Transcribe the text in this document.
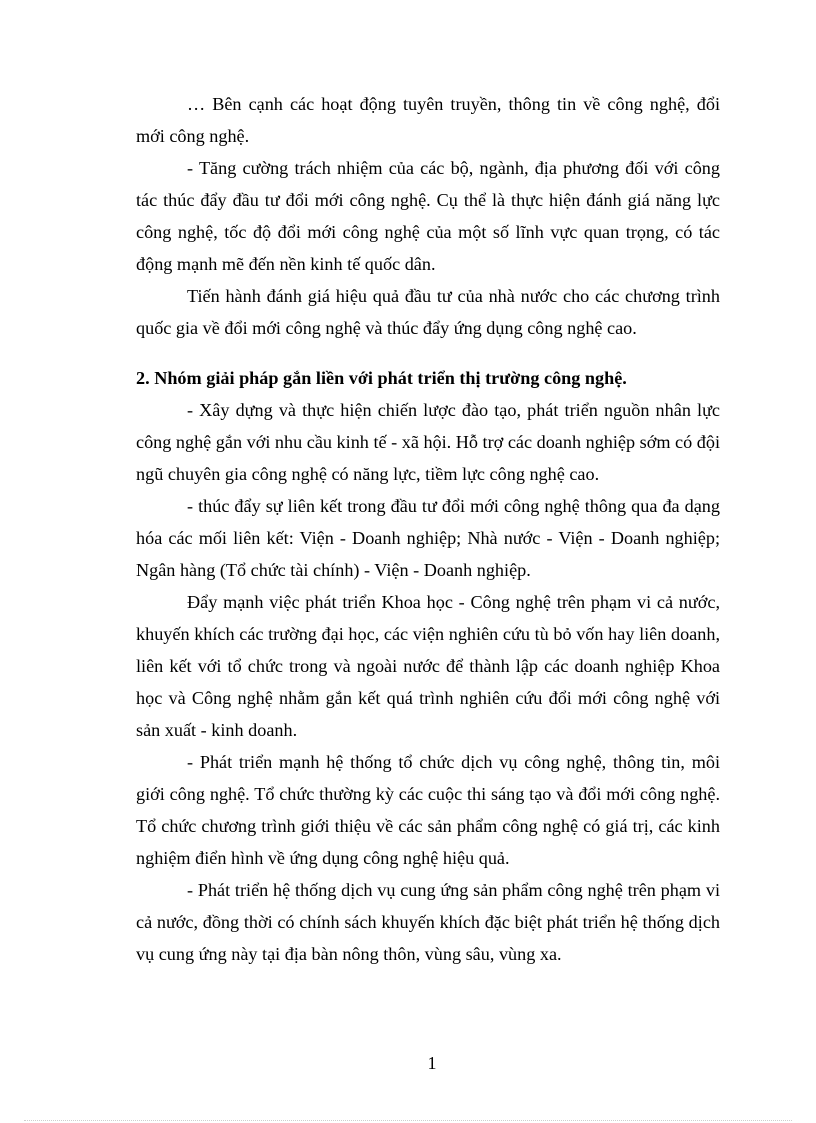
… Bên cạnh các hoạt động tuyên truyền, thông tin về công nghệ, đổi mới công nghệ.

- Tăng cường trách nhiệm của các bộ, ngành, địa phương đối với công tác thúc đẩy đầu tư đổi mới công nghệ. Cụ thể là thực hiện đánh giá năng lực công nghệ, tốc độ đổi mới công nghệ của một số lĩnh vực quan trọng, có tác động mạnh mẽ đến nền kinh tế quốc dân.

Tiến hành đánh giá hiệu quả đầu tư của nhà nước cho các chương trình quốc gia về đổi mới công nghệ và thúc đẩy ứng dụng công nghệ cao.

2. Nhóm giải pháp gắn liền với phát triển thị trường công nghệ.

- Xây dựng và thực hiện chiến lược đào tạo, phát triển nguồn nhân lực công nghệ gắn với nhu cầu kinh tế - xã hội. Hỗ trợ các doanh nghiệp sớm có đội ngũ chuyên gia công nghệ có năng lực, tiềm lực công nghệ cao.

- thúc đẩy sự liên kết trong đầu tư đổi mới công nghệ thông qua đa dạng hóa các mối liên kết: Viện - Doanh nghiệp; Nhà nước - Viện - Doanh nghiệp; Ngân hàng (Tổ chức tài chính) - Viện - Doanh nghiệp.

Đẩy mạnh việc phát triển Khoa học - Công nghệ trên phạm vi cả nước, khuyến khích các trường đại học, các viện nghiên cứu tù bỏ vốn hay liên doanh, liên kết với tổ chức trong và ngoài nước để thành lập các doanh nghiệp Khoa học và Công nghệ nhằm gắn kết quá trình nghiên cứu đổi mới công nghệ với sản xuất - kinh doanh.

- Phát triển mạnh hệ thống tổ chức dịch vụ công nghệ, thông tin, môi giới công nghệ. Tổ chức thường kỳ các cuộc thi sáng tạo và đổi mới công nghệ. Tổ chức chương trình giới thiệu về các sản phẩm công nghệ có giá trị, các kinh nghiệm điển hình về ứng dụng công nghệ hiệu quả.

- Phát triển hệ thống dịch vụ cung ứng sản phẩm công nghệ trên phạm vi cả nước, đồng thời có chính sách khuyến khích đặc biệt phát triển hệ thống dịch vụ cung ứng này tại địa bàn nông thôn, vùng sâu, vùng xa.

1
